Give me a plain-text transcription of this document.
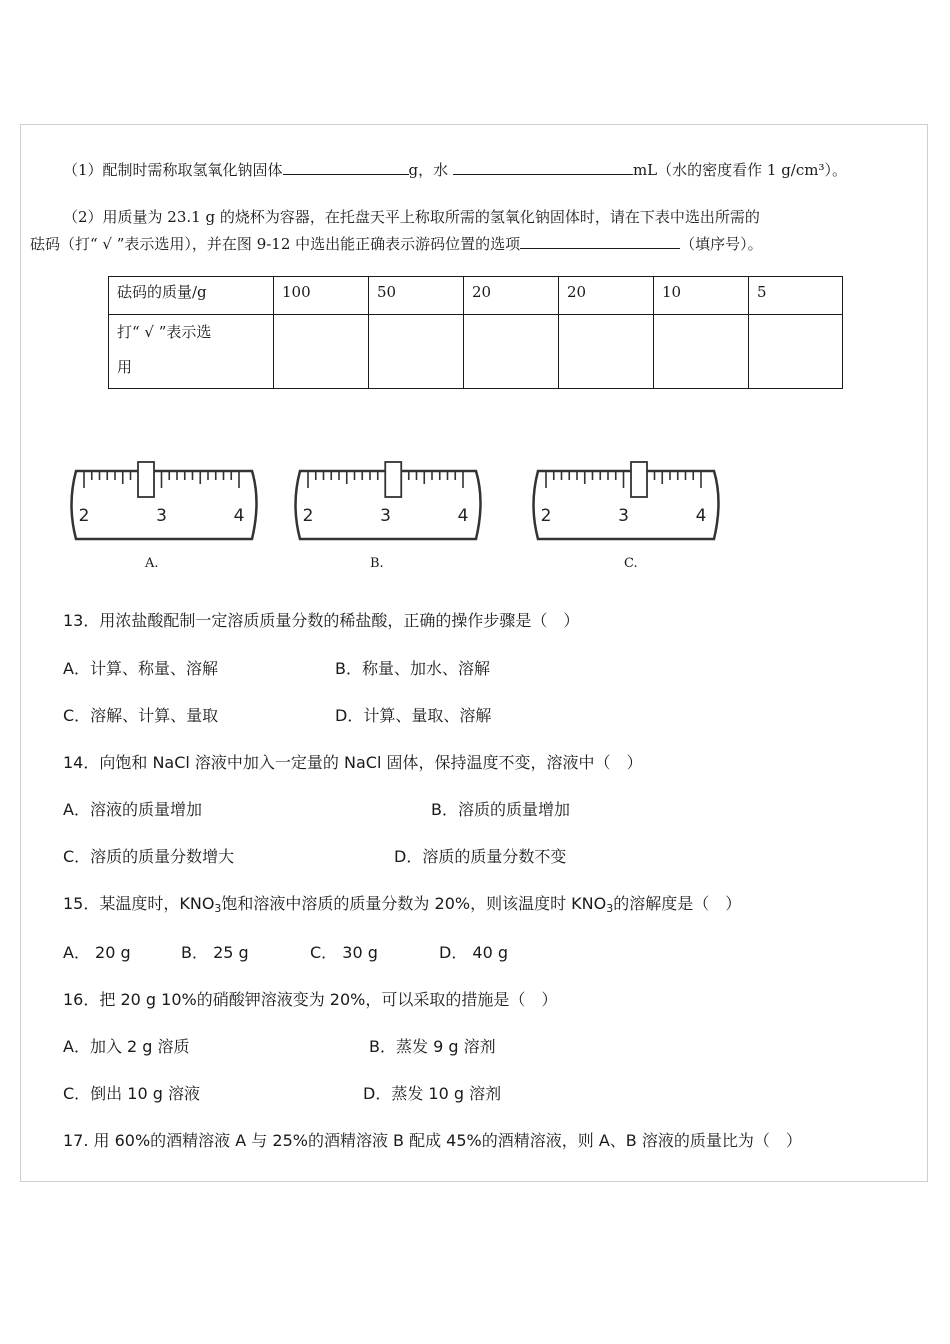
（1）配制时需称取氢氧化钠固体	g，水	mL（水的密度看作 1 g/cm³）。
（2）用质量为 23.1 g 的烧杯为容器，在托盘天平上称取所需的氢氧化钠固体时，请在下表中选出所需的
砝码（打“ √ ”表示选用），并在图 9-12 中选出能正确表示游码位置的选项	（填序号）。
砝码的质量/g	100	50	20	20	10	5
打“ √ ”表示选
用						
2	3	4	2	3	4	2	3	4
A.	B.	C.
13．用浓盐酸配制一定溶质质量分数的稀盐酸，正确的操作步骤是（　）
A．计算、称量、溶解	B．称量、加水、溶解
C．溶解、计算、量取	D．计算、量取、溶解
14．向饱和 NaCl 溶液中加入一定量的 NaCl 固体，保持温度不变，溶液中（　）
A．溶液的质量增加	B．溶质的质量增加
C．溶质的质量分数增大	D．溶质的质量分数不变
15．某温度时，$KNO_3$饱和溶液中溶质的质量分数为 20%，则该温度时 $KNO_3$的溶解度是（　）
A． 20 g	B． 25 g	C． 30 g	D． 40 g
16．把 20 g 10%的硝酸钾溶液变为 20%，可以采取的措施是（　）
A．加入 2 g 溶质	B．蒸发 9 g 溶剂
C．倒出 10 g 溶液	D．蒸发 10 g 溶剂
17. 用 60%的酒精溶液 A 与 25%的酒精溶液 B 配成 45%的酒精溶液，则 A、B 溶液的质量比为（　）
